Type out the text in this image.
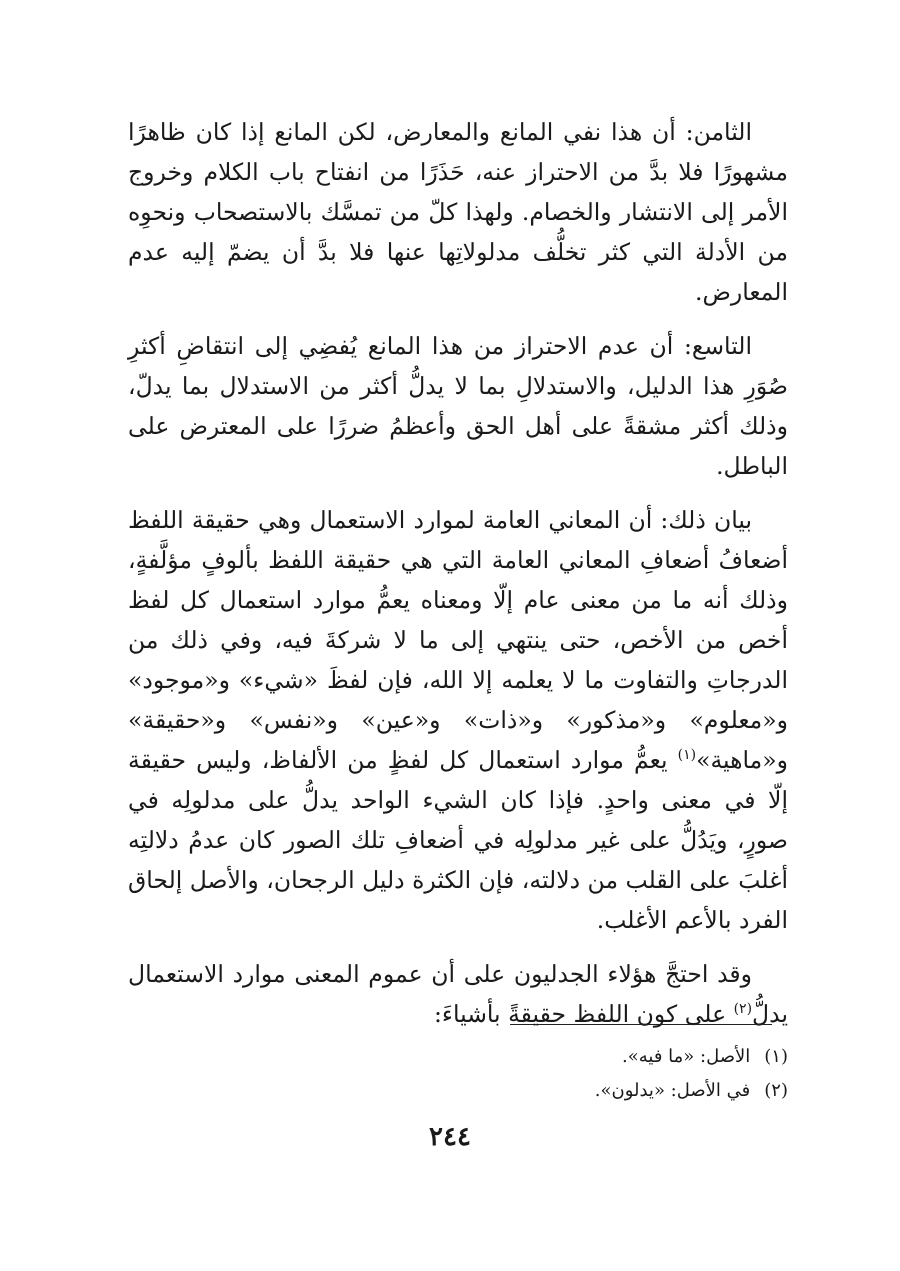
الثامن: أن هذا نفي المانع والمعارض، لكن المانع إذا كان ظاهرًا مشهورًا فلا بدَّ من الاحتراز عنه، حَذَرًا من انفتاح باب الكلام وخروج الأمر إلى الانتشار والخصام. ولهذا كلّ من تمسَّك بالاستصحاب ونحوِه من الأدلة التي كثر تخلُّف مدلولاتِها عنها فلا بدَّ أن يضمّ إليه عدم المعارض.

التاسع: أن عدم الاحتراز من هذا المانع يُفضِي إلى انتقاضِ أكثرِ صُوَرِ هذا الدليل، والاستدلالِ بما لا يدلُّ أكثر من الاستدلال بما يدلّ، وذلك أكثر مشقةً على أهل الحق وأعظمُ ضررًا على المعترض على الباطل.

بيان ذلك: أن المعاني العامة لموارد الاستعمال وهي حقيقة اللفظ أضعافُ أضعافِ المعاني العامة التي هي حقيقة اللفظ بألوفٍ مؤلَّفةٍ، وذلك أنه ما من معنى عام إلّا ومعناه يعمُّ موارد استعمال كل لفظ أخص من الأخص، حتى ينتهي إلى ما لا شركةَ فيه، وفي ذلك من الدرجاتِ والتفاوت ما لا يعلمه إلا الله، فإن لفظَ «شيء» و«موجود» و«معلوم» و«مذكور» و«ذات» و«عين» و«نفس» و«حقيقة» و«ماهية»$^{(١)}$ يعمُّ موارد استعمال كل لفظٍ من الألفاظ، وليس حقيقة إلّا في معنى واحدٍ. فإذا كان الشيء الواحد يدلُّ على مدلولِه في صورٍ، ويَدُلُّ على غير مدلولِه في أضعافِ تلك الصور كان عدمُ دلالتِه أغلبَ على القلب من دلالته، فإن الكثرة دليل الرجحان، والأصل إلحاق الفرد بالأعم الأغلب.

وقد احتجَّ هؤلاء الجدليون على أن عموم المعنى موارد الاستعمال يدلُّ$^{(٢)}$ على كون اللفظ حقيقةً بأشياءَ:

(١)الأصل: «ما فيه».

(٢)في الأصل: «يدلون».

٢٤٤
